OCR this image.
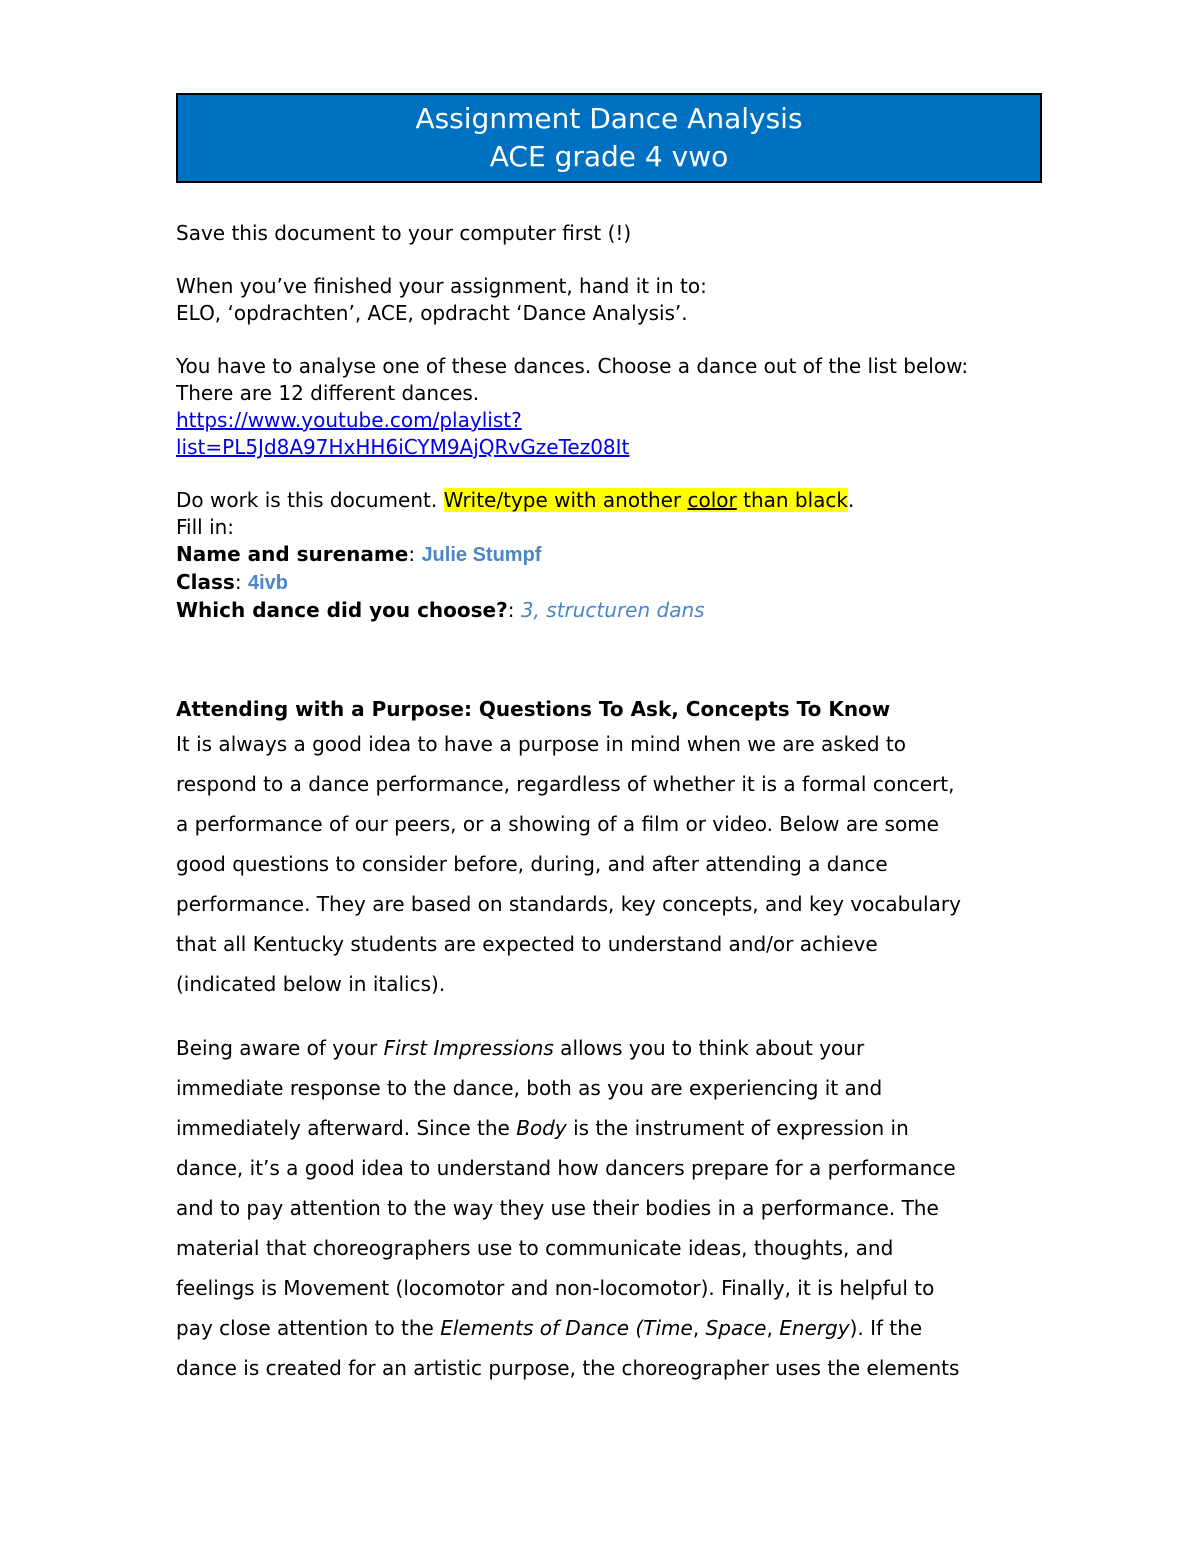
Assignment Dance Analysis
ACE grade 4 vwo

Save this document to your computer first (!)

When you’ve finished your assignment, hand it in to:

ELO, ‘opdrachten’, ACE, opdracht ‘Dance Analysis’.

You have to analyse one of these dances. Choose a dance out of the list below:

There are 12 different dances.

https://www.youtube.com/playlist?
list=PL5Jd8A97HxHH6iCYM9AjQRvGzeTez08It

Do work is this document. Write/type with another color than black.

Fill in:

Name and surename: Julie Stumpf

Class: 4ivb

Which dance did you choose?: 3, structuren dans

Attending with a Purpose: Questions To Ask, Concepts To Know

It is always a good idea to have a purpose in mind when we are asked to

respond to a dance performance, regardless of whether it is a formal concert,

a performance of our peers, or a showing of a film or video. Below are some

good questions to consider before, during, and after attending a dance

performance. They are based on standards, key concepts, and key vocabulary

that all Kentucky students are expected to understand and/or achieve

(indicated below in italics).

Being aware of your First Impressions allows you to think about your

immediate response to the dance, both as you are experiencing it and

immediately afterward. Since the Body is the instrument of expression in

dance, it’s a good idea to understand how dancers prepare for a performance

and to pay attention to the way they use their bodies in a performance. The

material that choreographers use to communicate ideas, thoughts, and

feelings is Movement (locomotor and non-locomotor). Finally, it is helpful to

pay close attention to the Elements of Dance (Time, Space, Energy). If the

dance is created for an artistic purpose, the choreographer uses the elements
